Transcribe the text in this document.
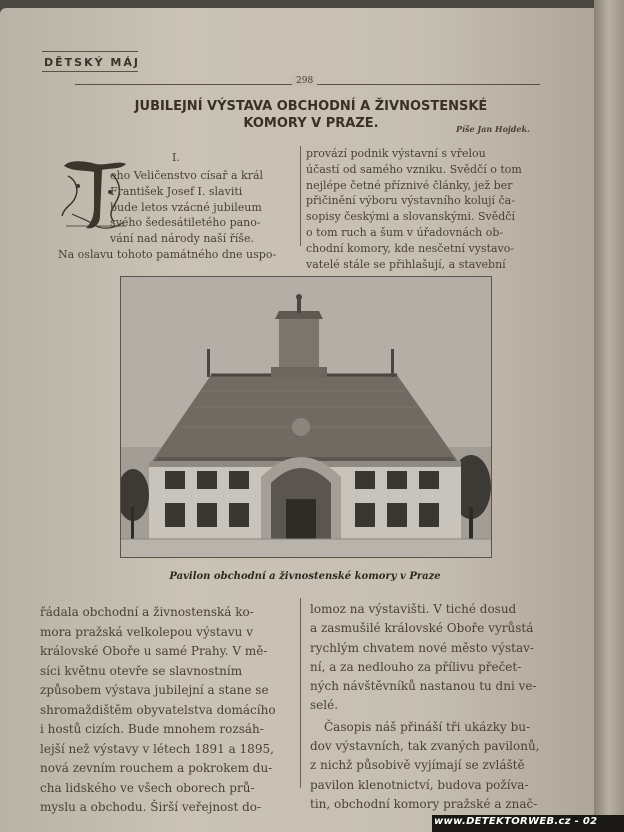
DĚTSKÝ MÁJ
298
JUBILEJNÍ VÝSTAVA OBCHODNÍ A ŽIVNOSTENSKÉ
KOMORY V PRAZE.	Píše Jan Hojdek.
I.

eho Veličenstvo císař a král

František Josef I. slaviti

bude letos vzácné jubileum

svého šedesátiletého pano-

vání nad národy naší říše.

Na oslavu tohoto památného dne uspo-

provází podnik výstavní s vřelou

účastí od samého vzniku. Svědčí o tom

nejlépe četné příznivé články, jež ber

přičinění výboru výstavního kolují ča-

sopisy českými a slovanskými. Svědčí

o tom ruch a šum v úřadovnách ob-

chodní komory, kde nesčetní vystavo-

vatelé stále se přihlašují, a stavební

Pavilon obchodní a živnostenské komory v Praze

řádala obchodní a živnostenská ko-

mora pražská velkolepou výstavu v

královské Oboře u samé Prahy. V mě-

síci květnu otevře se slavnostním

způsobem výstava jubilejní a stane se

shromaždištěm obyvatelstva domácího

i hostů cizích. Bude mnohem rozsáh-

lejší než výstavy v létech 1891 a 1895,

nová zevním rouchem a pokrokem du-

cha lidského ve všech oborech prů-

myslu a obchodu. Širší veřejnost do-

lomoz na výstavišti. V tiché dosud

a zasmušilé královské Oboře vyrůstá

rychlým chvatem nové město výstav-

ní, a za nedlouho za přílivu přečet-

ných návštěvníků nastanou tu dni ve-

selé.

Časopis náš přináší tři ukázky bu-

dov výstavních, tak zvaných pavilonů,

z nichž působivě vyjímají se zvláště

pavilon klenotnictví, budova požíva-

tin, obchodní komory pražské a znač-

www.DETEKTORWEB.cz - 02
